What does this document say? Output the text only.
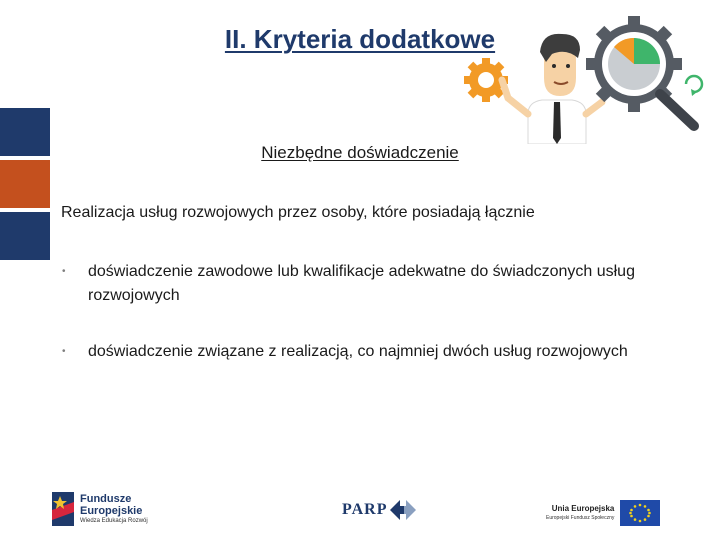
II. Kryteria dodatkowe
Niezbędne doświadczenie
Realizacja usług rozwojowych przez osoby, które posiadają łącznie
•	doświadczenie zawodowe lub kwalifikacje adekwatne do świadczonych usług rozwojowych
•	doświadczenie związane z realizacją, co najmniej dwóch usług rozwojowych
Fundusze
Europejskie
Wiedza Edukacja Rozwój
PARP	Unia Europejska
Europejski Fundusz Społeczny
